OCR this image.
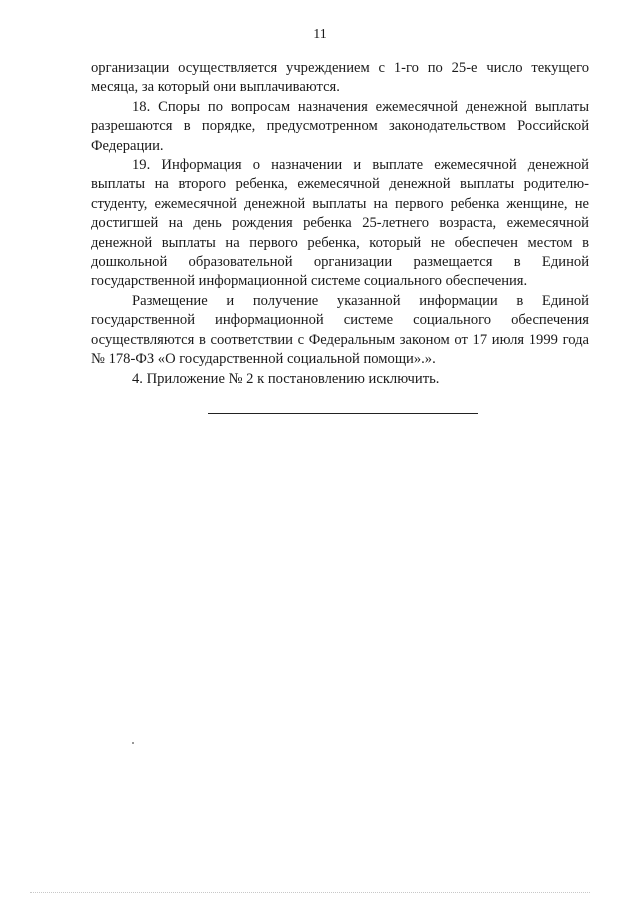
11

организации осуществляется учреждением с 1-го по 25-е число текущего месяца, за который они выплачиваются.

18. Споры по вопросам назначения ежемесячной денежной выплаты разрешаются в порядке, предусмотренном законодательством Российской Федерации.

19. Информация о назначении и выплате ежемесячной денежной выплаты на второго ребенка, ежемесячной денежной выплаты родителю-студенту, ежемесячной денежной выплаты на первого ребенка женщине, не достигшей на день рождения ребенка 25-летнего возраста, ежемесячной денежной выплаты на первого ребенка, который не обеспечен местом в дошкольной образовательной организации размещается в Единой государственной информационной системе социального обеспечения.

Размещение и получение указанной информации в Единой государственной информационной системе социального обеспечения осуществляются в соответствии с Федеральным законом от 17 июля 1999 года № 178-ФЗ «О государственной социальной помощи».».

4. Приложение № 2 к постановлению исключить.
